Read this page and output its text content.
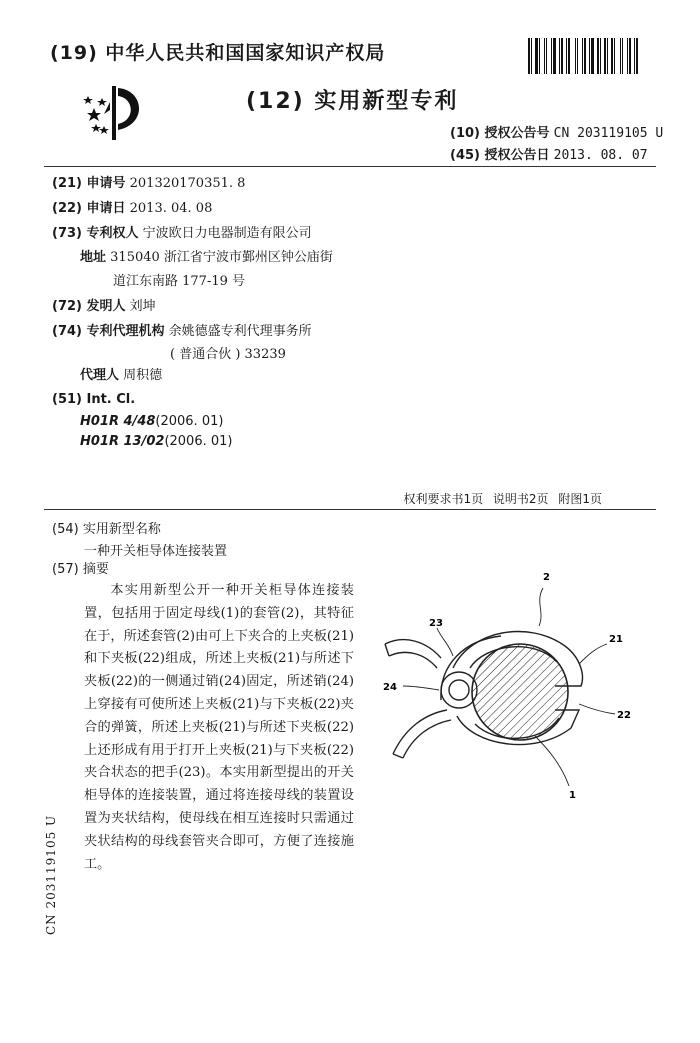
(19) 中华人民共和国国家知识产权局
(12) 实用新型专利
(10) 授权公告号 CN 203119105 U
(45) 授权公告日 2013. 08. 07
(21) 申请号 201320170351. 8
(22) 申请日 2013. 04. 08
(73) 专利权人 宁波欧日力电器制造有限公司
地址 315040 浙江省宁波市鄞州区钟公庙街
道江东南路 177-19 号
(72) 发明人 刘坤
(74) 专利代理机构 余姚德盛专利代理事务所
( 普通合伙 ) 33239
代理人 周积德
(51) Int. Cl.
H01R 4/48(2006. 01)
H01R 13/02(2006. 01)
权利要求书1页 说明书2页 附图1页
(54) 实用新型名称
一种开关柜导体连接装置
(57) 摘要

本实用新型公开一种开关柜导体连接装置，包括用于固定母线(1)的套管(2)，其特征在于，所述套管(2)由可上下夹合的上夹板(21)和下夹板(22)组成，所述上夹板(21)与所述下夹板(22)的一侧通过销(24)固定，所述销(24)上穿接有可使所述上夹板(21)与下夹板(22)夹合的弹簧，所述上夹板(21)与所述下夹板(22)上还形成有用于打开上夹板(21)与下夹板(22)夹合状态的把手(23)。本实用新型提出的开关柜导体的连接装置，通过将连接母线的装置设置为夹状结构，使母线在相互连接时只需通过夹状结构的母线套管夹合即可，方便了连接施工。

2
23
21
24
22
1
CN 203119105 U
